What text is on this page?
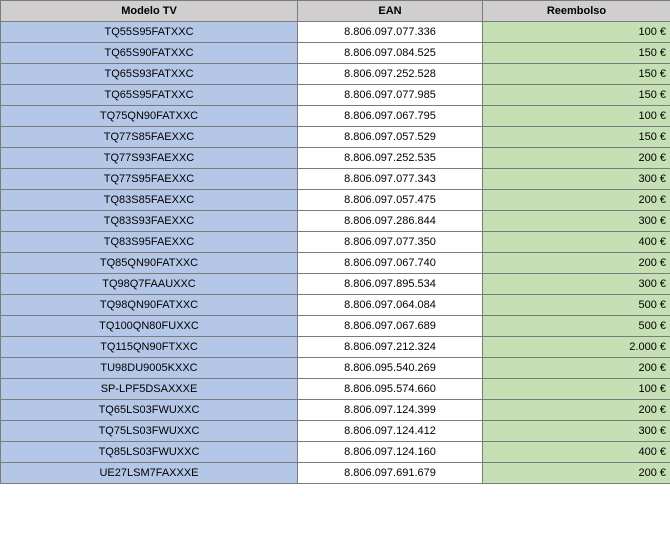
Modelo TV	EAN	Reembolso
TQ55S95FATXXC	8.806.097.077.336	100 €
TQ65S90FATXXC	8.806.097.084.525	150 €
TQ65S93FATXXC	8.806.097.252.528	150 €
TQ65S95FATXXC	8.806.097.077.985	150 €
TQ75QN90FATXXC	8.806.097.067.795	100 €
TQ77S85FAEXXC	8.806.097.057.529	150 €
TQ77S93FAEXXC	8.806.097.252.535	200 €
TQ77S95FAEXXC	8.806.097.077.343	300 €
TQ83S85FAEXXC	8.806.097.057.475	200 €
TQ83S93FAEXXC	8.806.097.286.844	300 €
TQ83S95FAEXXC	8.806.097.077.350	400 €
TQ85QN90FATXXC	8.806.097.067.740	200 €
TQ98Q7FAAUXXC	8.806.097.895.534	300 €
TQ98QN90FATXXC	8.806.097.064.084	500 €
TQ100QN80FUXXC	8.806.097.067.689	500 €
TQ115QN90FTXXC	8.806.097.212.324	2.000 €
TU98DU9005KXXC	8.806.095.540.269	200 €
SP-LPF5DSAXXXE	8.806.095.574.660	100 €
TQ65LS03FWUXXC	8.806.097.124.399	200 €
TQ75LS03FWUXXC	8.806.097.124.412	300 €
TQ85LS03FWUXXC	8.806.097.124.160	400 €
UE27LSM7FAXXXE	8.806.097.691.679	200 €
